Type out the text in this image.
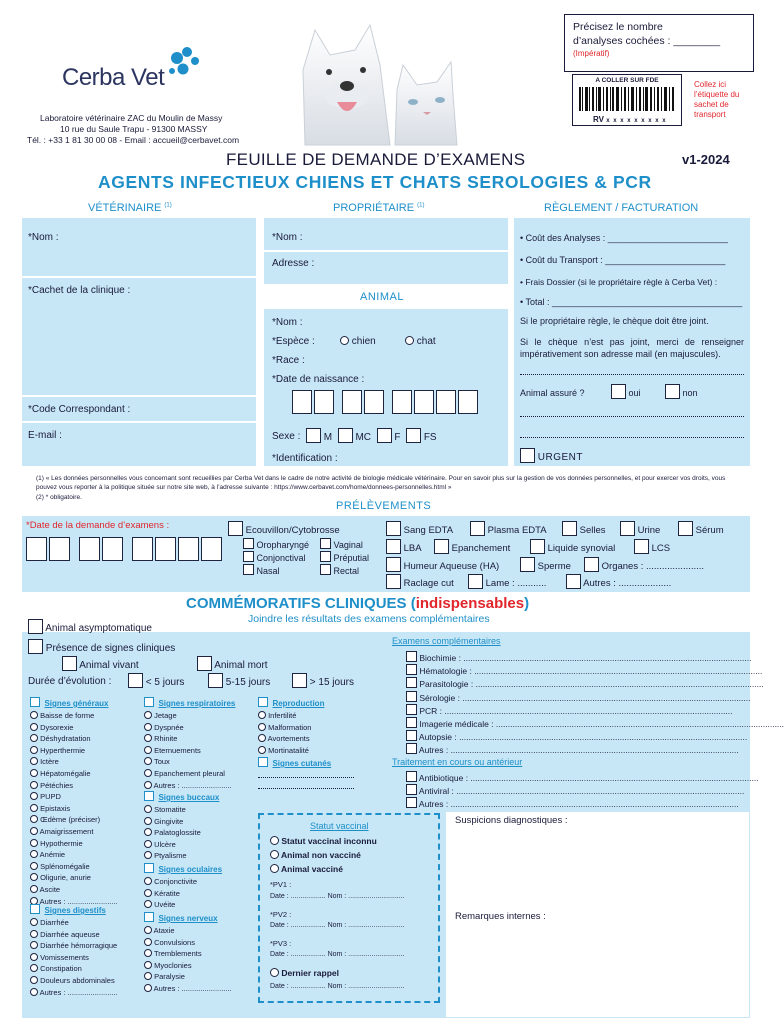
Cerba Vet
Laboratoire vétérinaire ZAC du Moulin de Massy
10 rue du Saule Trapu - 91300 MASSY
Tél. : +33 1 81 30 00 08 - Email : accueil@cerbavet.com
Précisez le nombre
d’analyses cochées : ________
(Impératif)
A COLLER SUR FDE
RV x x x x x x x x x
Collez ici l’étiquette du sachet de transport
FEUILLE DE DEMANDE D’EXAMENS	v1-2024
AGENTS INFECTIEUX CHIENS ET CHATS SEROLOGIES & PCR
VÉTÉRINAIRE $^{(1)}$	PROPRIÉTAIRE $^{(1)}$	RÈGLEMENT / FACTURATION
*Nom :
*Cachet de la clinique :
*Code Correspondant :
E-mail :
*Nom :
Adresse :
ANIMAL
*Nom :
*Espèce :	chien	chat
*Race :
*Date de naissance :
Sexe :	M MC F FS
*Identification :
• Coût des Analyses : ________________________
• Coût du Transport : ________________________
• Frais Dossier (si le propriétaire règle à Cerba Vet) :
• Total : ______________________________________
Si le propriétaire règle, le chèque doit être joint.
Si le chèque n’est pas joint, merci de renseigner impérativement son adresse mail (en majuscules).
Animal assuré ?	oui	non
URGENT
(1) « Les données personnelles vous concernant sont recueillies par Cerba Vet dans le cadre de notre activité de biologie médicale vétérinaire. Pour en savoir plus sur la gestion de vos données personnelles, et pour exercer vos droits, vous pouvez vous reporter à la politique située sur notre site web, à l’adresse suivante : https://www.cerbavet.com/home/donnees-personnelles.html »
(2) * obligatoire.
PRÉLÈVEMENTS
*Date de la demande d’examens :	Ecouvillon/Cytobrosse
Oropharyngé
Conjonctival
Nasal
Vaginal
Préputial
Rectal
Sang EDTA	Plasma EDTA	Selles	Urine	Sérum
LBA	Epanchement	Liquide synovial	LCS
Humeur Aqueuse (HA)	Sperme	Organes : ......................
Raclage cut	Lame : ...........	Autres : ....................
COMMÉMORATIFS CLINIQUES (indispensables)
Joindre les résultats des examens complémentaires
Animal asymptomatique
Présence de signes cliniques
Animal vivant	Animal mort
Durée d’évolution :	< 5 jours	5-15 jours	> 15 jours
Signes généraux
Baisse de forme
Dysorexie
Déshydratation
Hyperthermie
Ictère
Hépatomégalie
Pétéchies
PUPD
Epistaxis
Œdème (préciser)
Amaigrissement
Hypothermie
Anémie
Splénomégalie
Oligurie, anurie
Ascite
Autres : ........................
Signes digestifs
Diarrhée
Diarrhée aqueuse
Diarrhée hémorragique
Vomissements
Constipation
Douleurs abdominales
Autres : ........................
Signes respiratoires
Jetage
Dyspnée
Rhinite
Eternuements
Toux
Epanchement pleural
Autres : ........................
Signes buccaux
Stomatite
Gingivite
Palatoglossite
Ulcère
Ptyalisme
Signes oculaires
Conjonctivite
Kératite
Uvéite
Signes nerveux
Ataxie
Convulsions
Tremblements
Myoclonies
Paralysie
Autres : ........................
Reproduction
Infertilité
Malformation
Avortements
Mortinatalité
Signes cutanés
Statut vaccinal
Statut vaccinal inconnu
Animal non vacciné
Animal vacciné
*PV1 :
Date : .................. Nom : .............................
*PV2 :
Date : .................. Nom : .............................
*PV3 :
Date : .................. Nom : .............................
Dernier rappel
Date : .................. Nom : .............................
Examens complémentaires
Biochimie : ..........................................................................................................................
Hématologie : ..........................................................................................................................
Parasitologie : ..........................................................................................................................
Sérologie : ..........................................................................................................................
PCR : ..........................................................................................................................
Imagerie médicale : ..........................................................................................................................
Autopsie : ..........................................................................................................................
Autres : ..........................................................................................................................
Traitement en cours ou antérieur
Antibiotique : ..........................................................................................................................
Antiviral : ..........................................................................................................................
Autres : ..........................................................................................................................
Suspicions diagnostiques :
Remarques internes :
